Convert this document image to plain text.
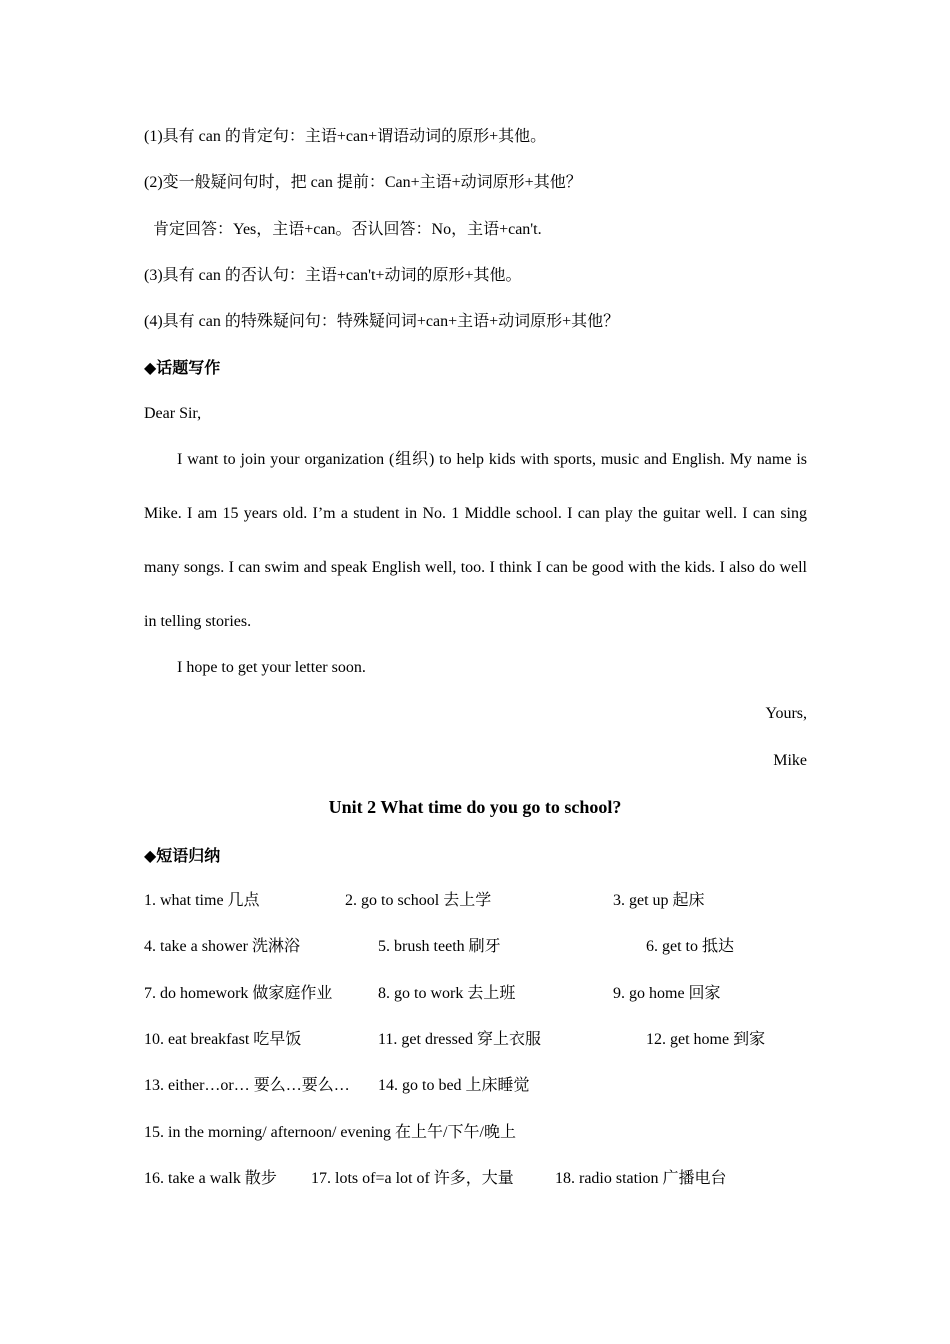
(1)具有 can 的肯定句：主语+can+谓语动词的原形+其他。
(2)变一般疑问句时，把 can 提前：Can+主语+动词原形+其他？
肯定回答：Yes，主语+can。否认回答：No，主语+can't.
(3)具有 can 的否认句：主语+can't+动词的原形+其他。
(4)具有 can 的特殊疑问句：特殊疑问词+can+主语+动词原形+其他？
◆话题写作
Dear Sir,
I want to join your organization (组织) to help kids with sports, music and English. My name is Mike. I am 15 years old. I’m a student in No. 1 Middle school. I can play the guitar well. I can sing many songs. I can swim and speak English well, too. I think I can be good with the kids. I also do well in telling stories.
I hope to get your letter soon.
Yours,
Mike
Unit 2 What time do you go to school?
◆短语归纳
1. what time 几点	2. go to school 去上学	3. get up 起床
4. take a shower 洗淋浴	5. brush teeth 刷牙	6. get to 抵达
7. do homework 做家庭作业	8. go to work 去上班	9. go home 回家
10. eat breakfast 吃早饭	11. get dressed 穿上衣服	12. get home 到家
13. either…or… 要么…要么… 14. go to bed 上床睡觉
15. in the morning/ afternoon/ evening 在上午/下午/晚上
16. take a walk 散步 17. lots of=a lot of 许多，大量	18. radio station 广播电台
